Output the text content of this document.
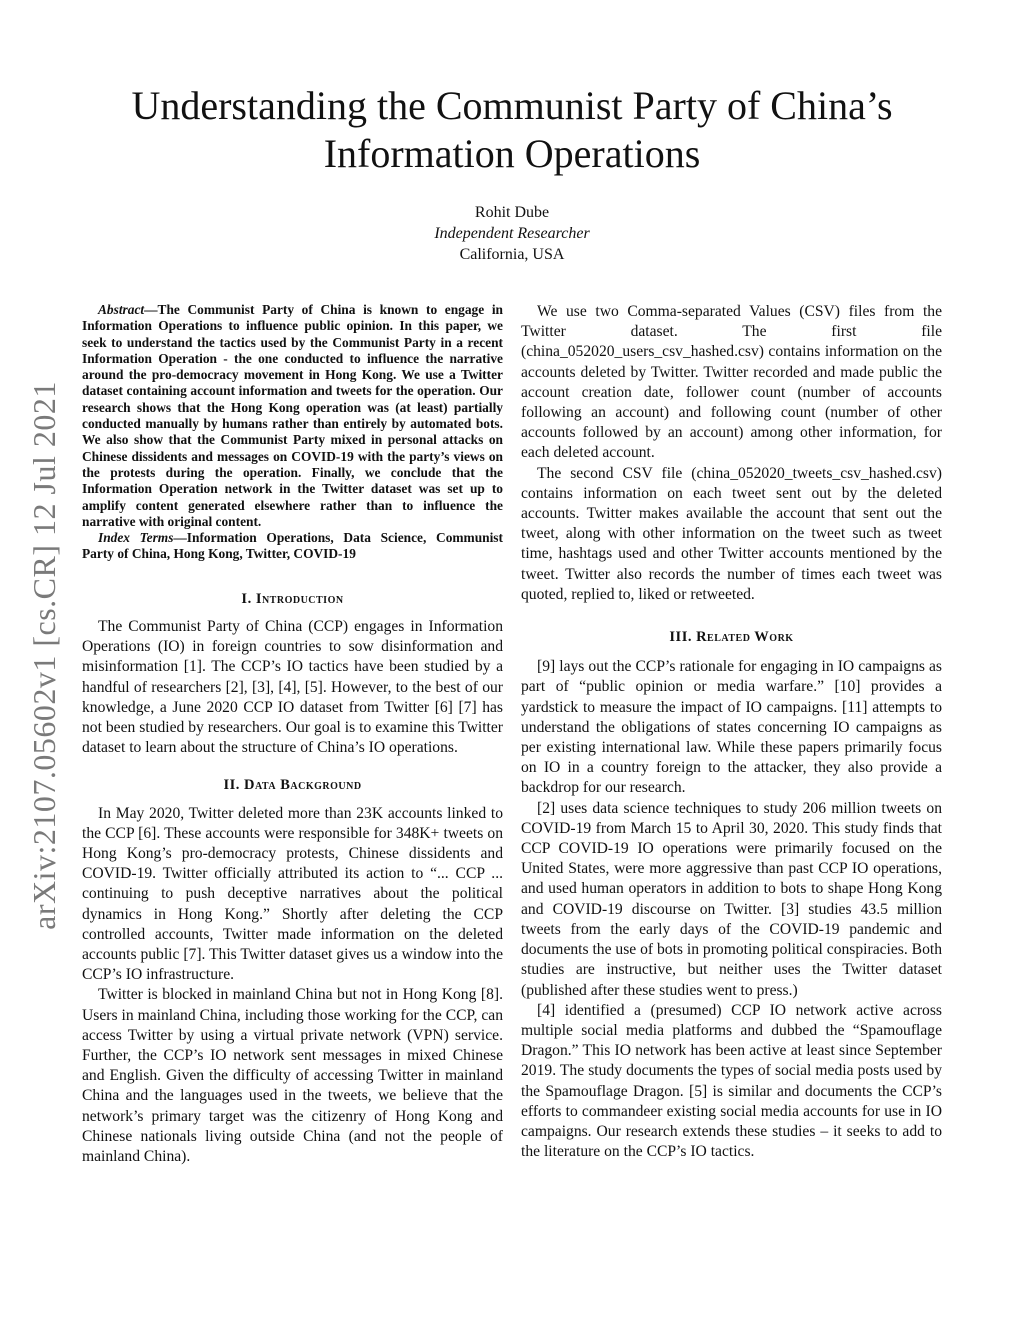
arXiv:2107.05602v1 [cs.CR] 12 Jul 2021
Understanding the Communist Party of China’s Information Operations
Rohit Dube
Independent Researcher
California, USA

Abstract—The Communist Party of China is known to engage in Information Operations to influence public opinion. In this paper, we seek to understand the tactics used by the Communist Party in a recent Information Operation - the one conducted to influence the narrative around the pro-democracy movement in Hong Kong. We use a Twitter dataset containing account information and tweets for the operation. Our research shows that the Hong Kong operation was (at least) partially conducted manually by humans rather than entirely by automated bots. We also show that the Communist Party mixed in personal attacks on Chinese dissidents and messages on COVID-19 with the party’s views on the protests during the operation. Finally, we conclude that the Information Operation network in the Twitter dataset was set up to amplify content generated elsewhere rather than to influence the narrative with original content.

Index Terms—Information Operations, Data Science, Communist Party of China, Hong Kong, Twitter, COVID-19

I. Introduction

The Communist Party of China (CCP) engages in Information Operations (IO) in foreign countries to sow disinformation and misinformation [1]. The CCP’s IO tactics have been studied by a handful of researchers [2], [3], [4], [5]. However, to the best of our knowledge, a June 2020 CCP IO dataset from Twitter [6] [7] has not been studied by researchers. Our goal is to examine this Twitter dataset to learn about the structure of China’s IO operations.

II. Data Background

In May 2020, Twitter deleted more than 23K accounts linked to the CCP [6]. These accounts were responsible for 348K+ tweets on Hong Kong’s pro-democracy protests, Chinese dissidents and COVID-19. Twitter officially attributed its action to “... CCP ... continuing to push deceptive narratives about the political dynamics in Hong Kong.” Shortly after deleting the CCP controlled accounts, Twitter made information on the deleted accounts public [7]. This Twitter dataset gives us a window into the CCP’s IO infrastructure.

Twitter is blocked in mainland China but not in Hong Kong [8]. Users in mainland China, including those working for the CCP, can access Twitter by using a virtual private network (VPN) service. Further, the CCP’s IO network sent messages in mixed Chinese and English. Given the difficulty of accessing Twitter in mainland China and the languages used in the tweets, we believe that the network’s primary target was the citizenry of Hong Kong and Chinese nationals living outside China (and not the people of mainland China).

We use two Comma-separated Values (CSV) files from the Twitter dataset. The first file (china_052020_users_csv_hashed.csv) contains information on the accounts deleted by Twitter. Twitter recorded and made public the account creation date, follower count (number of accounts following an account) and following count (number of other accounts followed by an account) among other information, for each deleted account.

The second CSV file (china_052020_tweets_csv_hashed.csv) contains information on each tweet sent out by the deleted accounts. Twitter makes available the account that sent out the tweet, along with other information on the tweet such as tweet time, hashtags used and other Twitter accounts mentioned by the tweet. Twitter also records the number of times each tweet was quoted, replied to, liked or retweeted.

III. Related Work

[9] lays out the CCP’s rationale for engaging in IO campaigns as part of “public opinion or media warfare.” [10] provides a yardstick to measure the impact of IO campaigns. [11] attempts to understand the obligations of states concerning IO campaigns as per existing international law. While these papers primarily focus on IO in a country foreign to the attacker, they also provide a backdrop for our research.

[2] uses data science techniques to study 206 million tweets on COVID-19 from March 15 to April 30, 2020. This study finds that CCP COVID-19 IO operations were primarily focused on the United States, were more aggressive than past CCP IO operations, and used human operators in addition to bots to shape Hong Kong and COVID-19 discourse on Twitter. [3] studies 43.5 million tweets from the early days of the COVID-19 pandemic and documents the use of bots in promoting political conspiracies. Both studies are instructive, but neither uses the Twitter dataset (published after these studies went to press.)

[4] identified a (presumed) CCP IO network active across multiple social media platforms and dubbed the “Spamouflage Dragon.” This IO network has been active at least since September 2019. The study documents the types of social media posts used by the Spamouflage Dragon. [5] is similar and documents the CCP’s efforts to commandeer existing social media accounts for use in IO campaigns. Our research extends these studies – it seeks to add to the literature on the CCP’s IO tactics.
